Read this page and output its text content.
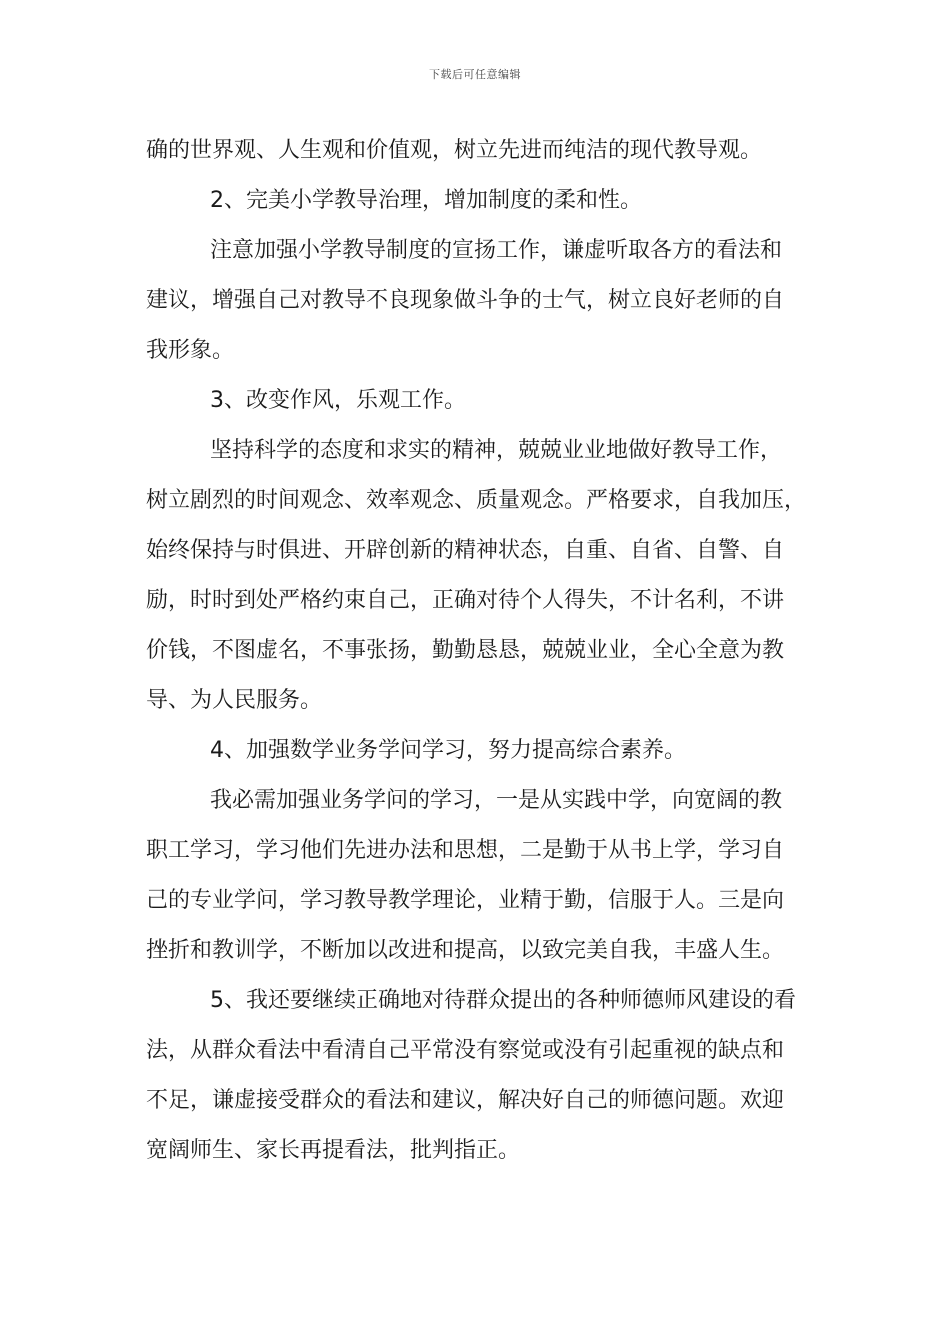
下载后可任意编辑

确的世界观、人生观和价值观，树立先进而纯洁的现代教导观。

2、完美小学教导治理，增加制度的柔和性。

注意加强小学教导制度的宣扬工作，谦虚听取各方的看法和

建议，增强自己对教导不良现象做斗争的士气，树立良好老师的自

我形象。

3、改变作风，乐观工作。

坚持科学的态度和求实的精神，兢兢业业地做好教导工作，

树立剧烈的时间观念、效率观念、质量观念。严格要求，自我加压，

始终保持与时俱进、开辟创新的精神状态，自重、自省、自警、自

励，时时到处严格约束自己，正确对待个人得失，不计名利，不讲

价钱，不图虚名，不事张扬，勤勤恳恳，兢兢业业，全心全意为教

导、为人民服务。

4、加强数学业务学问学习，努力提高综合素养。

我必需加强业务学问的学习，一是从实践中学，向宽阔的教

职工学习，学习他们先进办法和思想，二是勤于从书上学，学习自

己的专业学问，学习教导教学理论，业精于勤，信服于人。三是向

挫折和教训学，不断加以改进和提高，以致完美自我，丰盛人生。

5、我还要继续正确地对待群众提出的各种师德师风建设的看

法，从群众看法中看清自己平常没有察觉或没有引起重视的缺点和

不足，谦虚接受群众的看法和建议，解决好自己的师德问题。欢迎

宽阔师生、家长再提看法，批判指正。
